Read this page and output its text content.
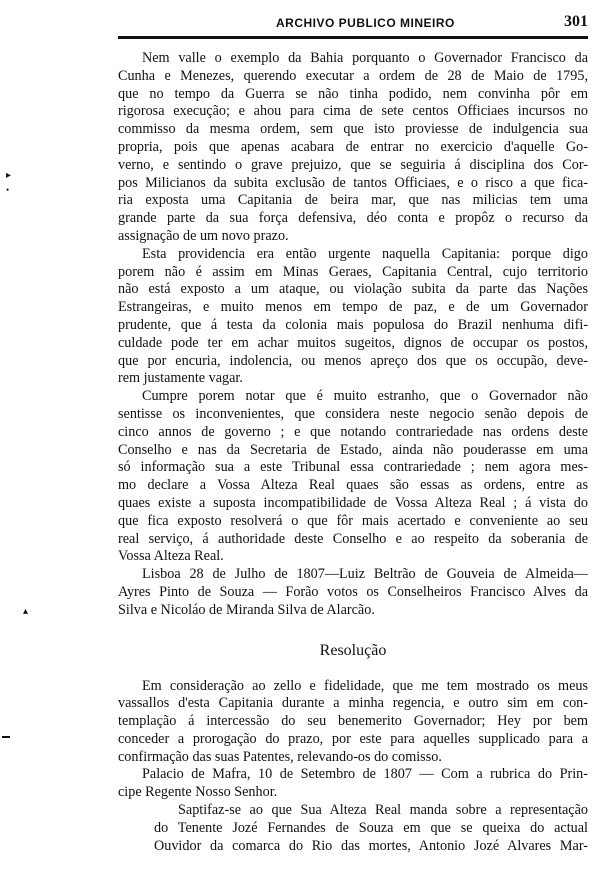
ARCHIVO PUBLICO MINEIRO	301
▸
•
▴
Nem valle o exemplo da Bahia porquanto o Governador Francisco da
Cunha e Menezes, querendo executar a ordem de 28 de Maio de 1795,
que no tempo da Guerra se não tinha podido, nem convinha pôr em
rigorosa execução; e ahou para cima de sete centos Officiaes incursos no
commisso da mesma ordem, sem que isto proviesse de indulgencia sua
propria, pois que apenas acabara de entrar no exercicio d'aquelle Go-
verno, e sentindo o grave prejuizo, que se seguiria á disciplina dos Cor-
pos Milicianos da subita exclusão de tantos Officiaes, e o risco a que fica-
ria exposta uma Capitania de beira mar, que nas milicias tem uma
grande parte da sua força defensiva, déo conta e propôz o recurso da
assignação de um novo prazo.
Esta providencia era então urgente naquella Capitania: porque digo
porem não é assim em Minas Geraes, Capitania Central, cujo territorio
não está exposto a um ataque, ou violação subita da parte das Nações
Estrangeiras, e muito menos em tempo de paz, e de um Governador
prudente, que á testa da colonia mais populosa do Brazil nenhuma difi-
culdade pode ter em achar muitos sugeitos, dignos de occupar os postos,
que por encuria, indolencia, ou menos apreço dos que os occupão, deve-
rem justamente vagar.
Cumpre porem notar que é muito estranho, que o Governador não
sentisse os inconvenientes, que considera neste negocio senão depois de
cinco annos de governo ; e que notando contrariedade nas ordens deste
Conselho e nas da Secretaria de Estado, ainda não pouderasse em uma
só informação sua a este Tribunal essa contrariedade ; nem agora mes-
mo declare a Vossa Alteza Real quaes são essas as ordens, entre as
quaes existe a suposta incompatibilidade de Vossa Alteza Real ; á vista do
que fica exposto resolverá o que fôr mais acertado e conveniente ao seu
real serviço, á authoridade deste Conselho e ao respeito da soberania de
Vossa Alteza Real.
Lisboa 28 de Julho de 1807—Luiz Beltrão de Gouveia de Almeida—
Ayres Pinto de Souza — Forão votos os Conselheiros Francisco Alves da
Silva e Nicoláo de Miranda Silva de Alarcão.
Resolução
Em consideração ao zello e fidelidade, que me tem mostrado os meus
vassallos d'esta Capitania durante a minha regencia, e outro sim em con-
templação á intercessão do seu benemerito Governador; Hey por bem
conceder a prorogação do prazo, por este para aquelles supplicado para a
confirmação das suas Patentes, relevando-os do comisso.
Palacio de Mafra, 10 de Setembro de 1807 — Com a rubrica do Prin-
cipe Regente Nosso Senhor.
Saptifaz-se ao que Sua Alteza Real manda sobre a representação
do Tenente Jozé Fernandes de Souza em que se queixa do actual
Ouvidor da comarca do Rio das mortes, Antonio Jozé Alvares Mar-
